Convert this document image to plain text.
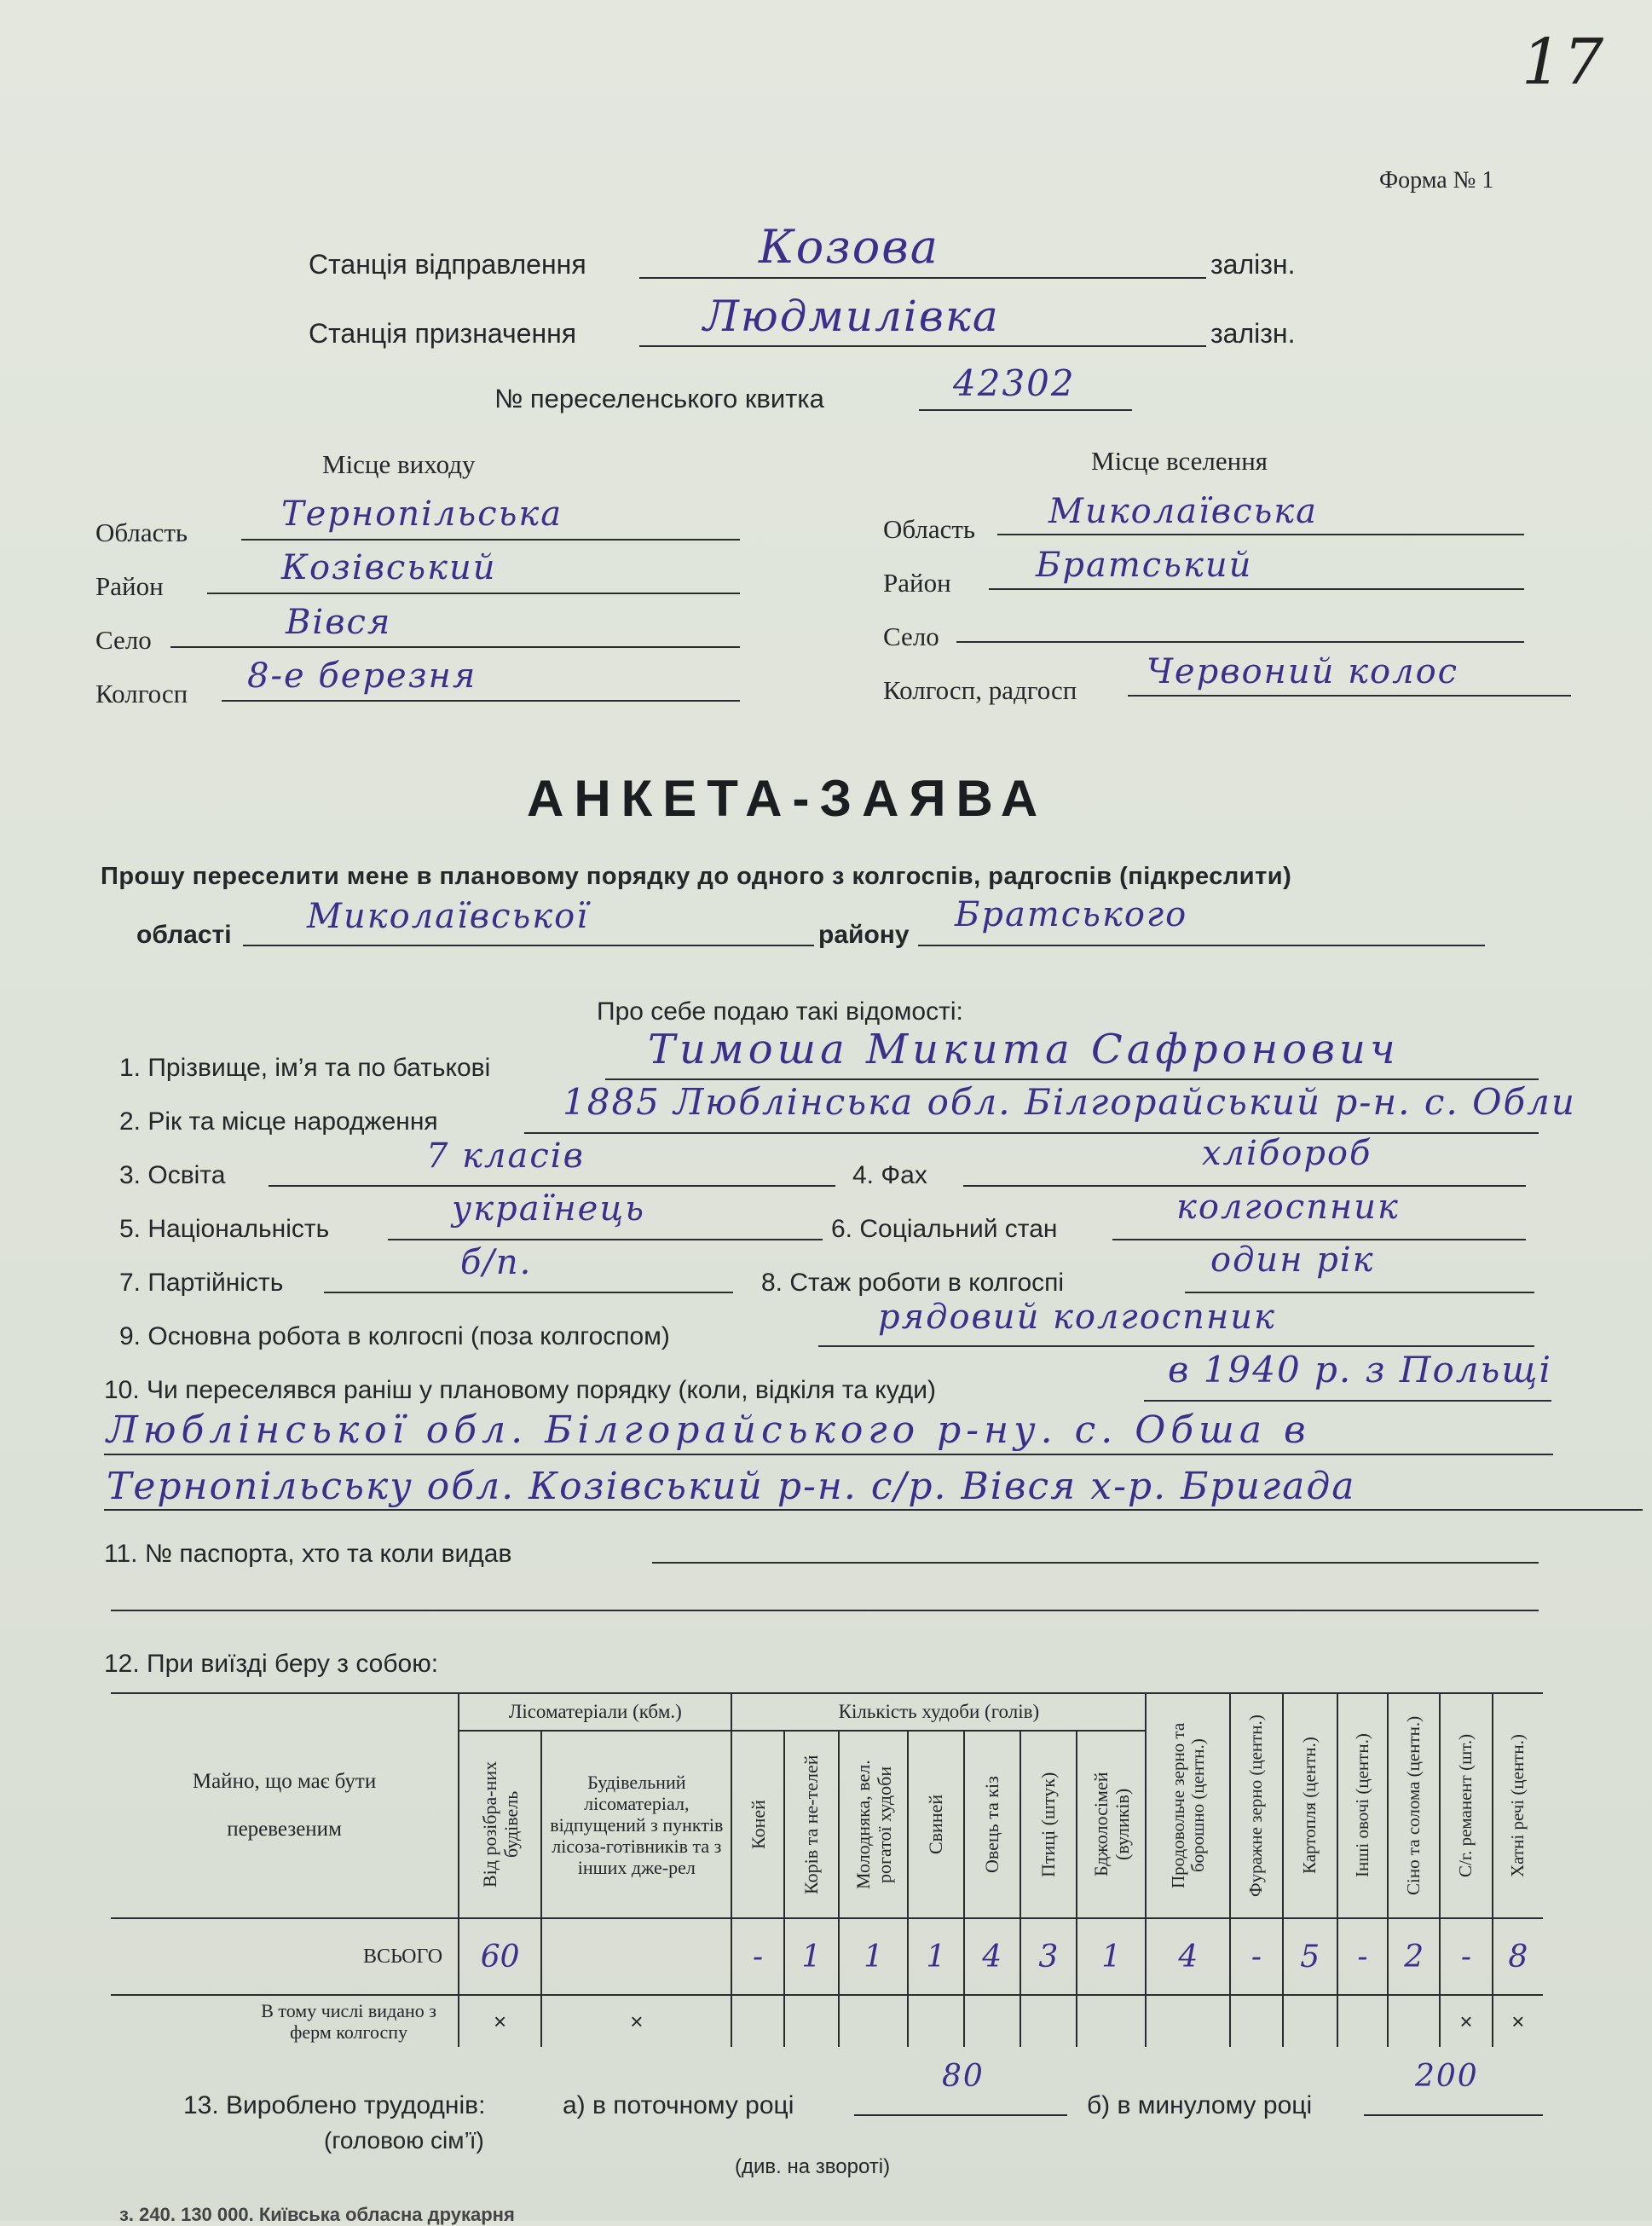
17
Форма № 1
Станція відправлення	Козова	залізн.
Станція призначення	Людмилівка	залізн.
№ переселенського квитка	42302
Місце виходу
Область	Тернопільська
Район	Козівський
Село	Вівся
Колгосп 8-е березня
Місце вселення
Область Миколаївська
Район Братський
Село
Колгосп, радгосп Червоний колос
АНКЕТА-ЗАЯВА
Прошу переселити мене в плановому порядку до одного з колгоспів, радгоспів (підкреслити)
області Миколаївської	району
Братського
Про себе подаю такі відомості:
1. Прізвище, ім’я та по батькові	Тимоша Микита Сафронович
2. Рік та місце народження	1885 Люблінська обл. Білгорайський р-н. с. Обли
3. Освіта	7 класів	4. Фах
хлібороб
5. Національність
українець
6. Соціальний стан
колгоспник
7. Партійність
б/п.
8. Стаж роботи в колгоспі
один рік
9. Основна робота в колгоспі (поза колгоспом)	рядовий колгоспник
10. Чи переселявся раніш у плановому порядку (коли, відкіля та куди)	в 1940 р. з Польщі
Люблінської обл. Білгорайського р-ну. с. Обша в
Тернопільську обл. Козівський р-н. с/р. Вівся х-р. Бригада
11. № паспорта, хто та коли видав
12. При виїзді беру з собою:
Майно, що має бути перевезеним	Лісоматеріали (кбм.)		Кількість худоби (голів)							Продовольче зерно та борошно (центн.)	Фуражне зерно (центн.)	Картопля (центн.)	Інші овочі (центн.)	Сіно та солома (центн.)	С/г. реманент (шт.)	Хатні речі (центн.)

	Від розібра-них будівель	Будівельний лісоматеріал, відпущений з пунктів лісоза-готівників та з інших дже-рел	Коней	Корів та не-телей	Молодняка, вел. рогатої худоби	Свиней	Овець та кіз	Птиці (штук)	Бджолосімей (вуликів)							

ВСЬОГО	60		-	1	1	1	4	3	1	4	-	5	-	2	-	8

В тому числі видано з ферм колгоспу	×	×													×	×
13. Вироблено трудоднів:
(головою сім’ї)
а) в поточному році
80
б) в минулому році
200
(див. на звороті)
з. 240. 130 000. Київська обласна друкарня
